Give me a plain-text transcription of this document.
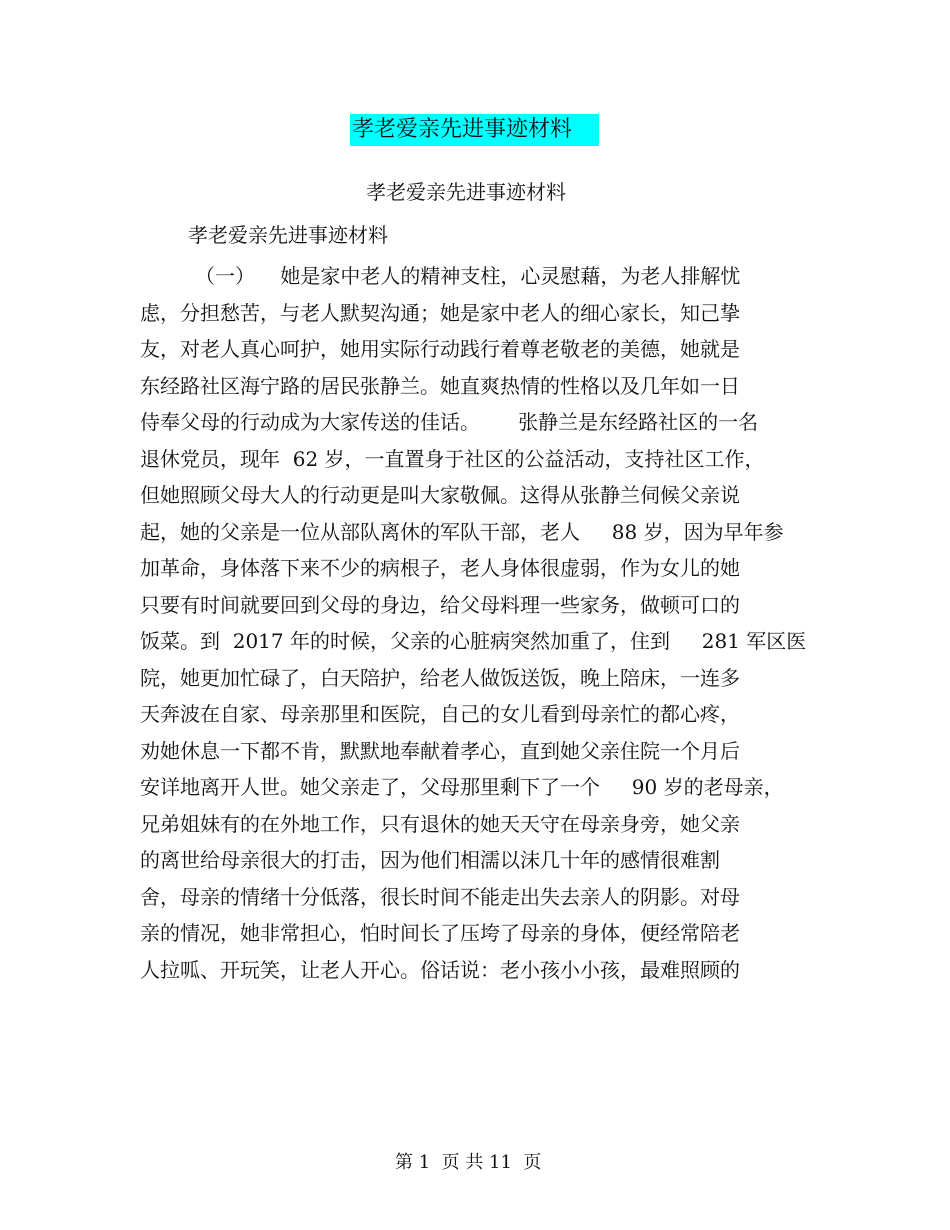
孝老爱亲先进事迹材料
孝老爱亲先进事迹材料
孝老爱亲先进事迹材料
（一）    她是家中老人的精神支柱，心灵慰藉，为老人排解忧
虑，分担愁苦，与老人默契沟通；她是家中老人的细心家长，知己挚
友，对老人真心呵护，她用实际行动践行着尊老敬老的美德，她就是
东经路社区海宁路的居民张静兰。她直爽热情的性格以及几年如一日
侍奉父母的行动成为大家传送的佳话。      张静兰是东经路社区的一名
退休党员，现年  62 岁，一直置身于社区的公益活动，支持社区工作，
但她照顾父母大人的行动更是叫大家敬佩。这得从张静兰伺候父亲说
起，她的父亲是一位从部队离休的军队干部，老人     88 岁，因为早年参
加革命，身体落下来不少的病根子，老人身体很虚弱，作为女儿的她
只要有时间就要回到父母的身边，给父母料理一些家务，做顿可口的
饭菜。到  2017 年的时候，父亲的心脏病突然加重了，住到     281 军区医
院，她更加忙碌了，白天陪护，给老人做饭送饭，晚上陪床，一连多
天奔波在自家、母亲那里和医院，自己的女儿看到母亲忙的都心疼，
劝她休息一下都不肯，默默地奉献着孝心，直到她父亲住院一个月后
安详地离开人世。她父亲走了，父母那里剩下了一个     90 岁的老母亲，
兄弟姐妹有的在外地工作，只有退休的她天天守在母亲身旁，她父亲
的离世给母亲很大的打击，因为他们相濡以沫几十年的感情很难割
舍，母亲的情绪十分低落，很长时间不能走出失去亲人的阴影。对母
亲的情况，她非常担心，怕时间长了压垮了母亲的身体，便经常陪老
人拉呱、开玩笑，让老人开心。俗话说：老小孩小小孩，最难照顾的
第 1  页 共 11  页
